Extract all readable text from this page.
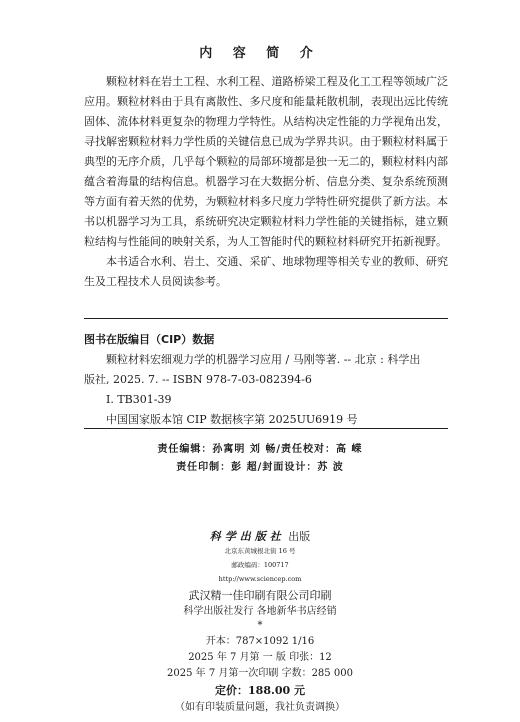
内 容 简 介

颗粒材料在岩土工程、水利工程、道路桥梁工程及化工工程等领域广泛应用。颗粒材料由于具有离散性、多尺度和能量耗散机制，表现出远比传统固体、流体材料更复杂的物理力学特性。从结构决定性能的力学视角出发，寻找解密颗粒材料力学性质的关键信息已成为学界共识。由于颗粒材料属于典型的无序介质，几乎每个颗粒的局部环境都是独一无二的，颗粒材料内部蕴含着海量的结构信息。机器学习在大数据分析、信息分类、复杂系统预测等方面有着天然的优势，为颗粒材料多尺度力学特性研究提供了新方法。本书以机器学习为工具，系统研究决定颗粒材料力学性能的关键指标，建立颗粒结构与性能间的映射关系，为人工智能时代的颗粒材料研究开拓新视野。

本书适合水利、岩土、交通、采矿、地球物理等相关专业的教师、研究生及工程技术人员阅读参考。

图书在版编目（CIP）数据
颗粒材料宏细观力学的机器学习应用 / 马刚等著. -- 北京 : 科学出
版社, 2025. 7. -- ISBN 978-7-03-082394-6
I. TB301-39
中国国家版本馆 CIP 数据核字第 2025UU6919 号
责任编辑：孙寓明 刘 畅/责任校对：高 嵘
责任印制：彭 超/封面设计：苏 波
科学出版社 出版
北京东黄城根北街 16 号
邮政编码：100717
http://www.sciencep.com
武汉精一佳印刷有限公司印刷
科学出版社发行 各地新华书店经销
*
开本：787×1092 1/16
2025 年 7 月第 一 版 印张：12
2025 年 7 月第一次印刷 字数：285 000
定价：188.00 元
（如有印装质量问题，我社负责调换）
